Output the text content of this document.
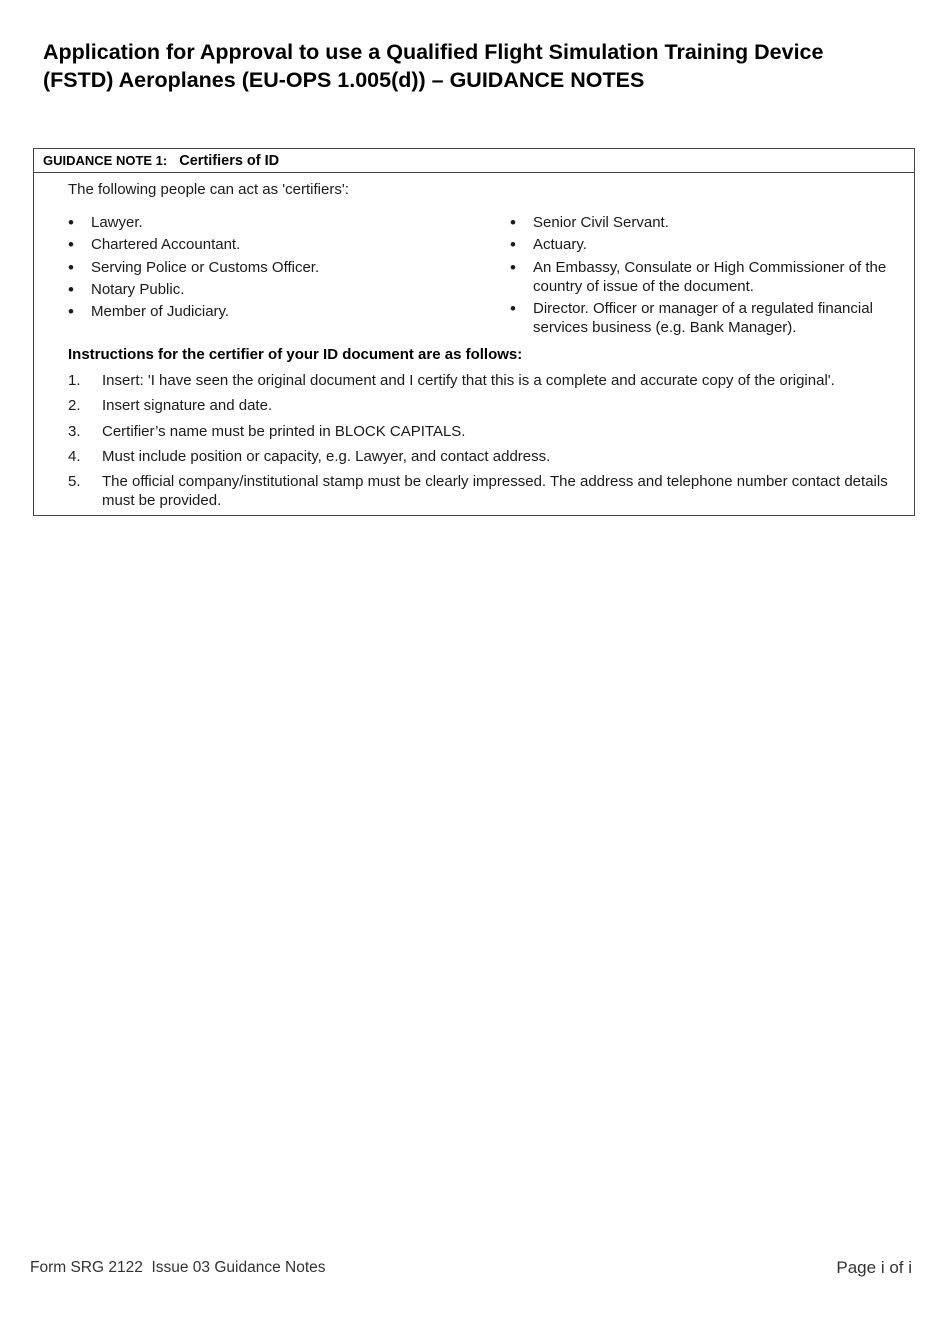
Application for Approval to use a Qualified Flight Simulation Training Device
(FSTD) Aeroplanes (EU-OPS 1.005(d)) – GUIDANCE NOTES
GUIDANCE NOTE 1: Certifiers of ID
The following people can act as 'certifiers':
• Lawyer.
• Chartered Accountant.
• Serving Police or Customs Officer.
• Notary Public.
• Member of Judiciary.
• Senior Civil Servant.
• Actuary.
• An Embassy, Consulate or High Commissioner of the country of issue of the document.
• Director. Officer or manager of a regulated financial services business (e.g. Bank Manager).
Instructions for the certifier of your ID document are as follows:
1. Insert: 'I have seen the original document and I certify that this is a complete and accurate copy of the original'.
2. Insert signature and date.
3. Certifier’s name must be printed in BLOCK CAPITALS.
4. Must include position or capacity, e.g. Lawyer, and contact address.
5. The official company/institutional stamp must be clearly impressed. The address and telephone number contact details must be provided.
Form SRG 2122  Issue 03 Guidance Notes	Page i of i
